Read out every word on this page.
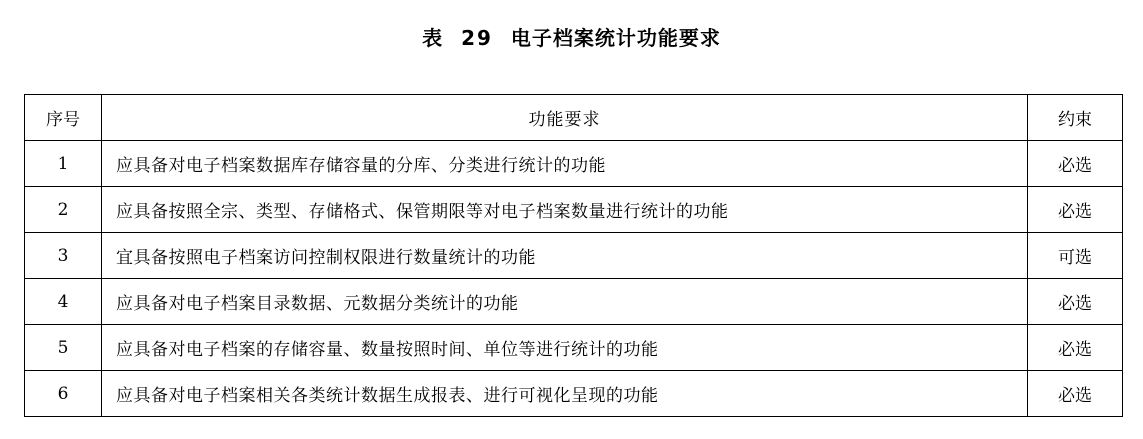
表 29 电子档案统计功能要求
序号	功能要求	约束
1	应具备对电子档案数据库存储容量的分库、分类进行统计的功能	必选
2	应具备按照全宗、类型、存储格式、保管期限等对电子档案数量进行统计的功能	必选
3	宜具备按照电子档案访问控制权限进行数量统计的功能	可选
4	应具备对电子档案目录数据、元数据分类统计的功能	必选
5	应具备对电子档案的存储容量、数量按照时间、单位等进行统计的功能	必选
6	应具备对电子档案相关各类统计数据生成报表、进行可视化呈现的功能	必选
